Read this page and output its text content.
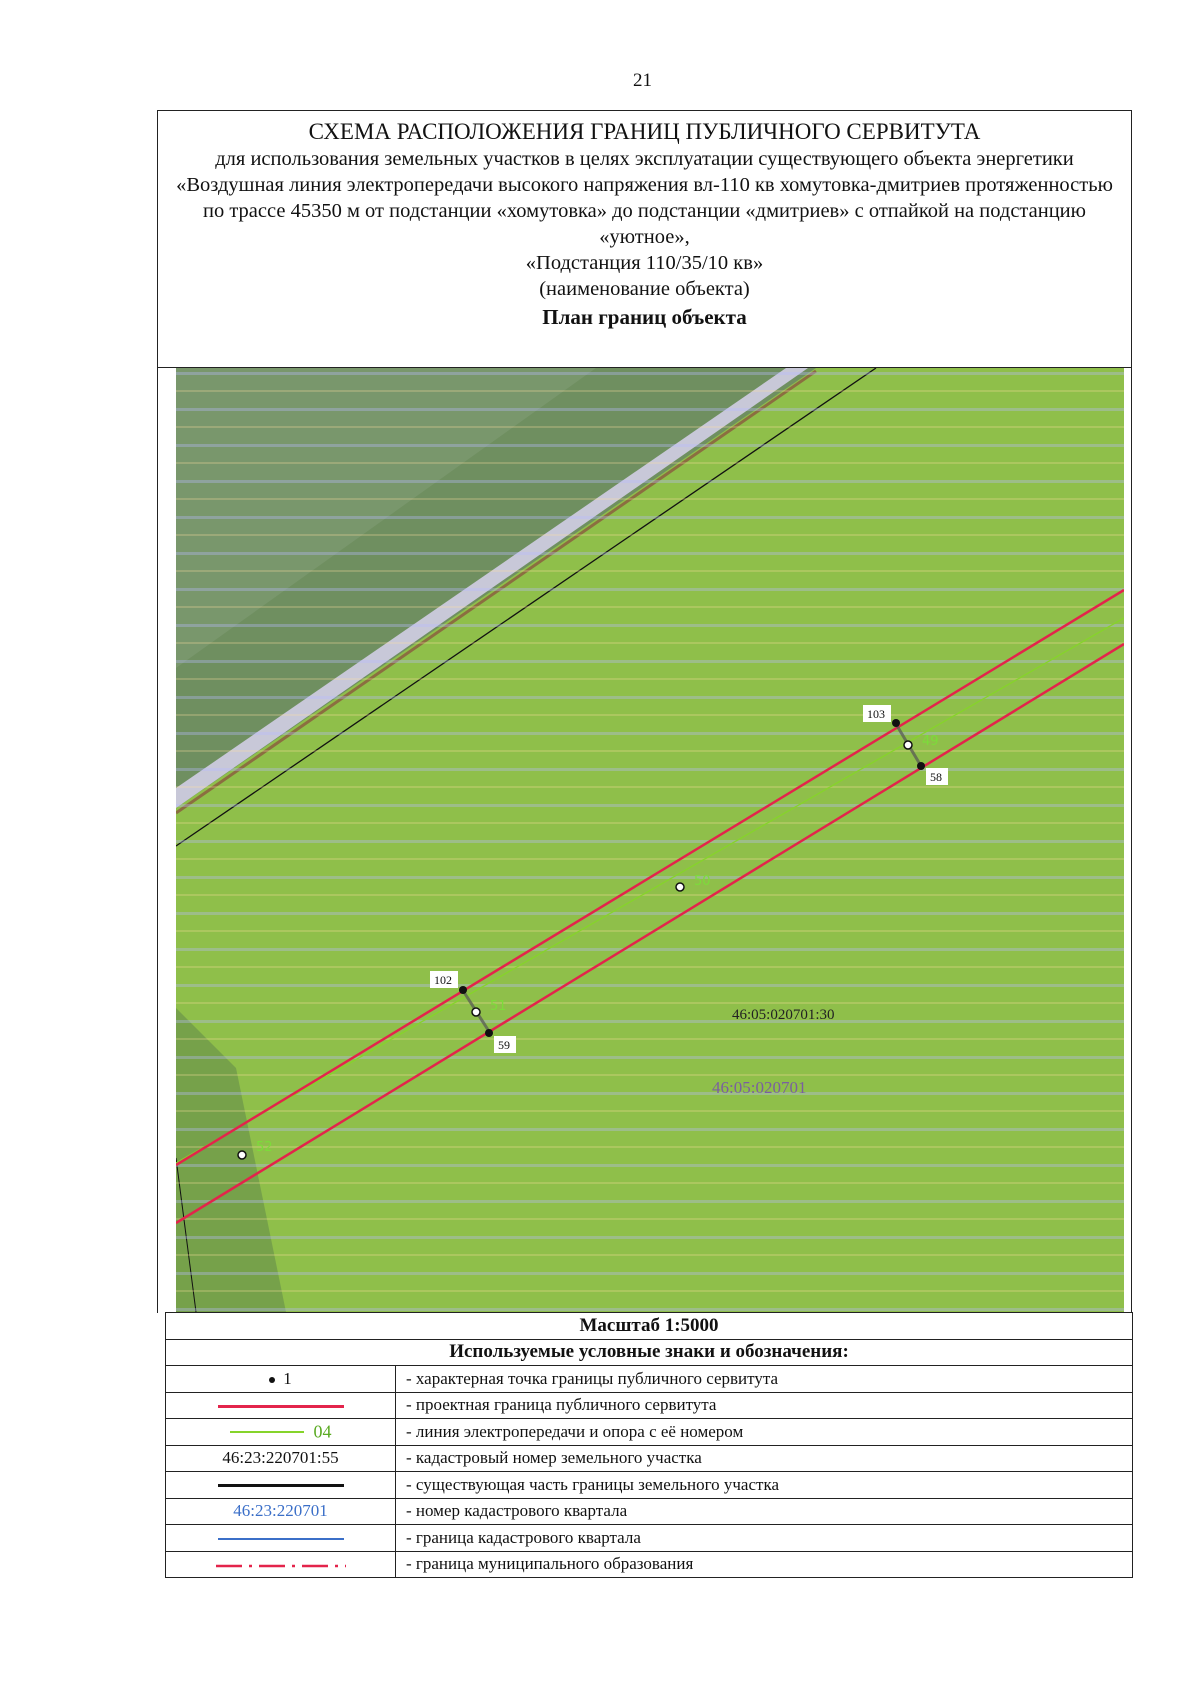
21
СХЕМА РАСПОЛОЖЕНИЯ ГРАНИЦ ПУБЛИЧНОГО СЕРВИТУТА
для использования земельных участков в целях эксплуатации существующего объекта энергетики «Воздушная линия электропередачи высокого напряжения вл-110 кв хомутовка-дмитриев протяженностью по трассе 45350 м от подстанции «хомутовка» до подстанции «дмитриев» с отпайкой на подстанцию «уютное»,
«Подстанция 110/35/10 кв»
(наименование объекта)
План границ объекта
49
50
51
52
103
58
102
59
46:05:020701:30
46:05:020701
Масштаб 1:5000	
Используемые условные знаки и обозначения:	
1	- характерная точка границы публичного сервитута
	- проектная граница публичного сервитута
04	- линия электропередачи и опора с её номером
46:23:220701:55	- кадастровый номер земельного участка
	- существующая часть границы земельного участка
46:23:220701	- номер кадастрового квартала
	- граница кадастрового квартала
	- граница муниципального образования
